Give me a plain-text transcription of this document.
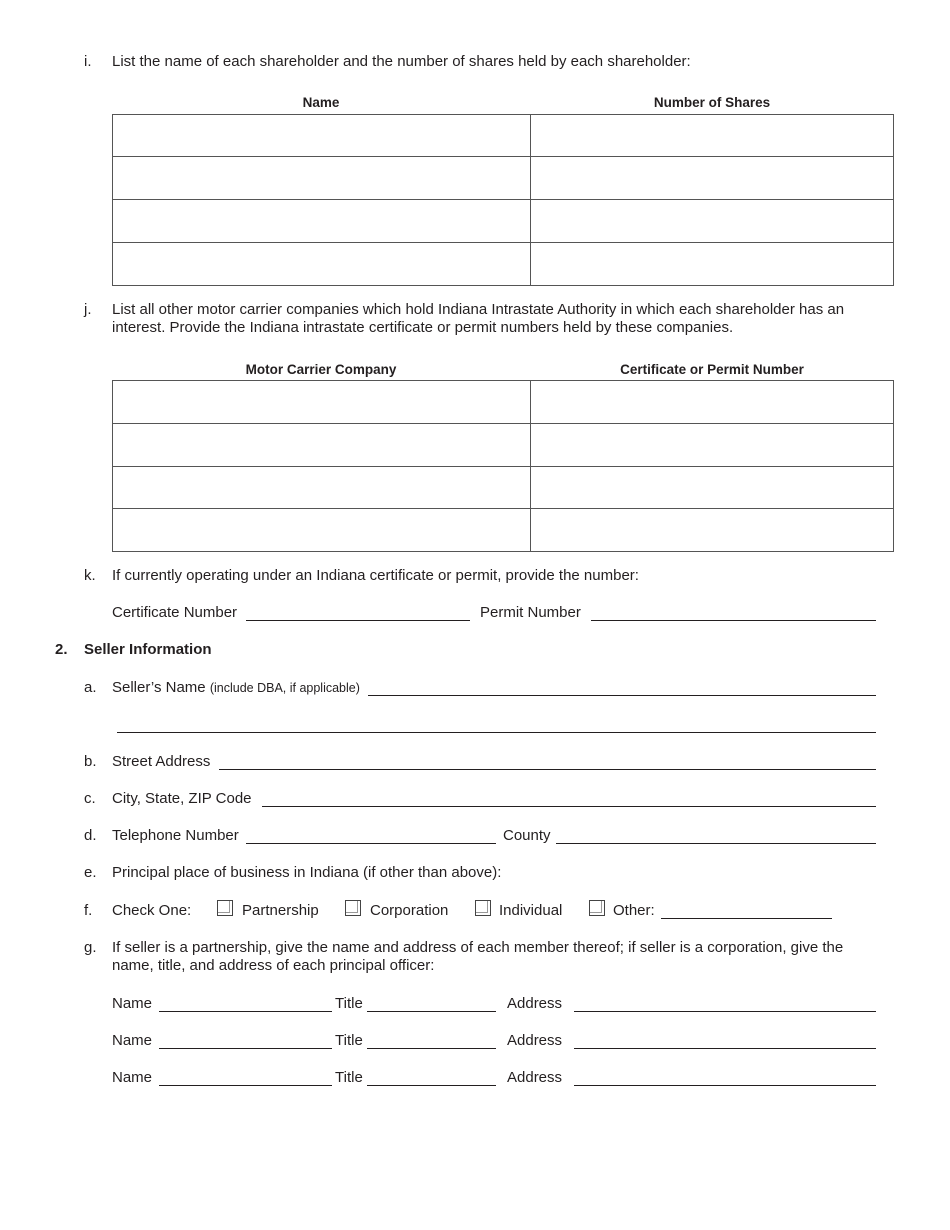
i. List the name of each shareholder and the number of shares held by each shareholder:
Name	Number of Shares

j. List all other motor carrier companies which hold Indiana Intrastate Authority in which each shareholder has an interest. Provide the Indiana intrastate certificate or permit numbers held by these companies.
Motor Carrier Company	Certificate or Permit Number

k. If currently operating under an Indiana certificate or permit, provide the number:
Certificate Number	Permit Number
2. Seller Information
a. Seller’s Name (include DBA, if applicable)
b. Street Address
c. City, State, ZIP Code
d. Telephone Number	County
e. Principal place of business in Indiana (if other than above):
f. Check One:	Partnership	Corporation	Individual	Other:
g. If seller is a partnership, give the name and address of each member thereof; if seller is a corporation, give the name, title, and address of each principal officer:
Name	Title	Address
Name	Title	Address
Name	Title	Address
